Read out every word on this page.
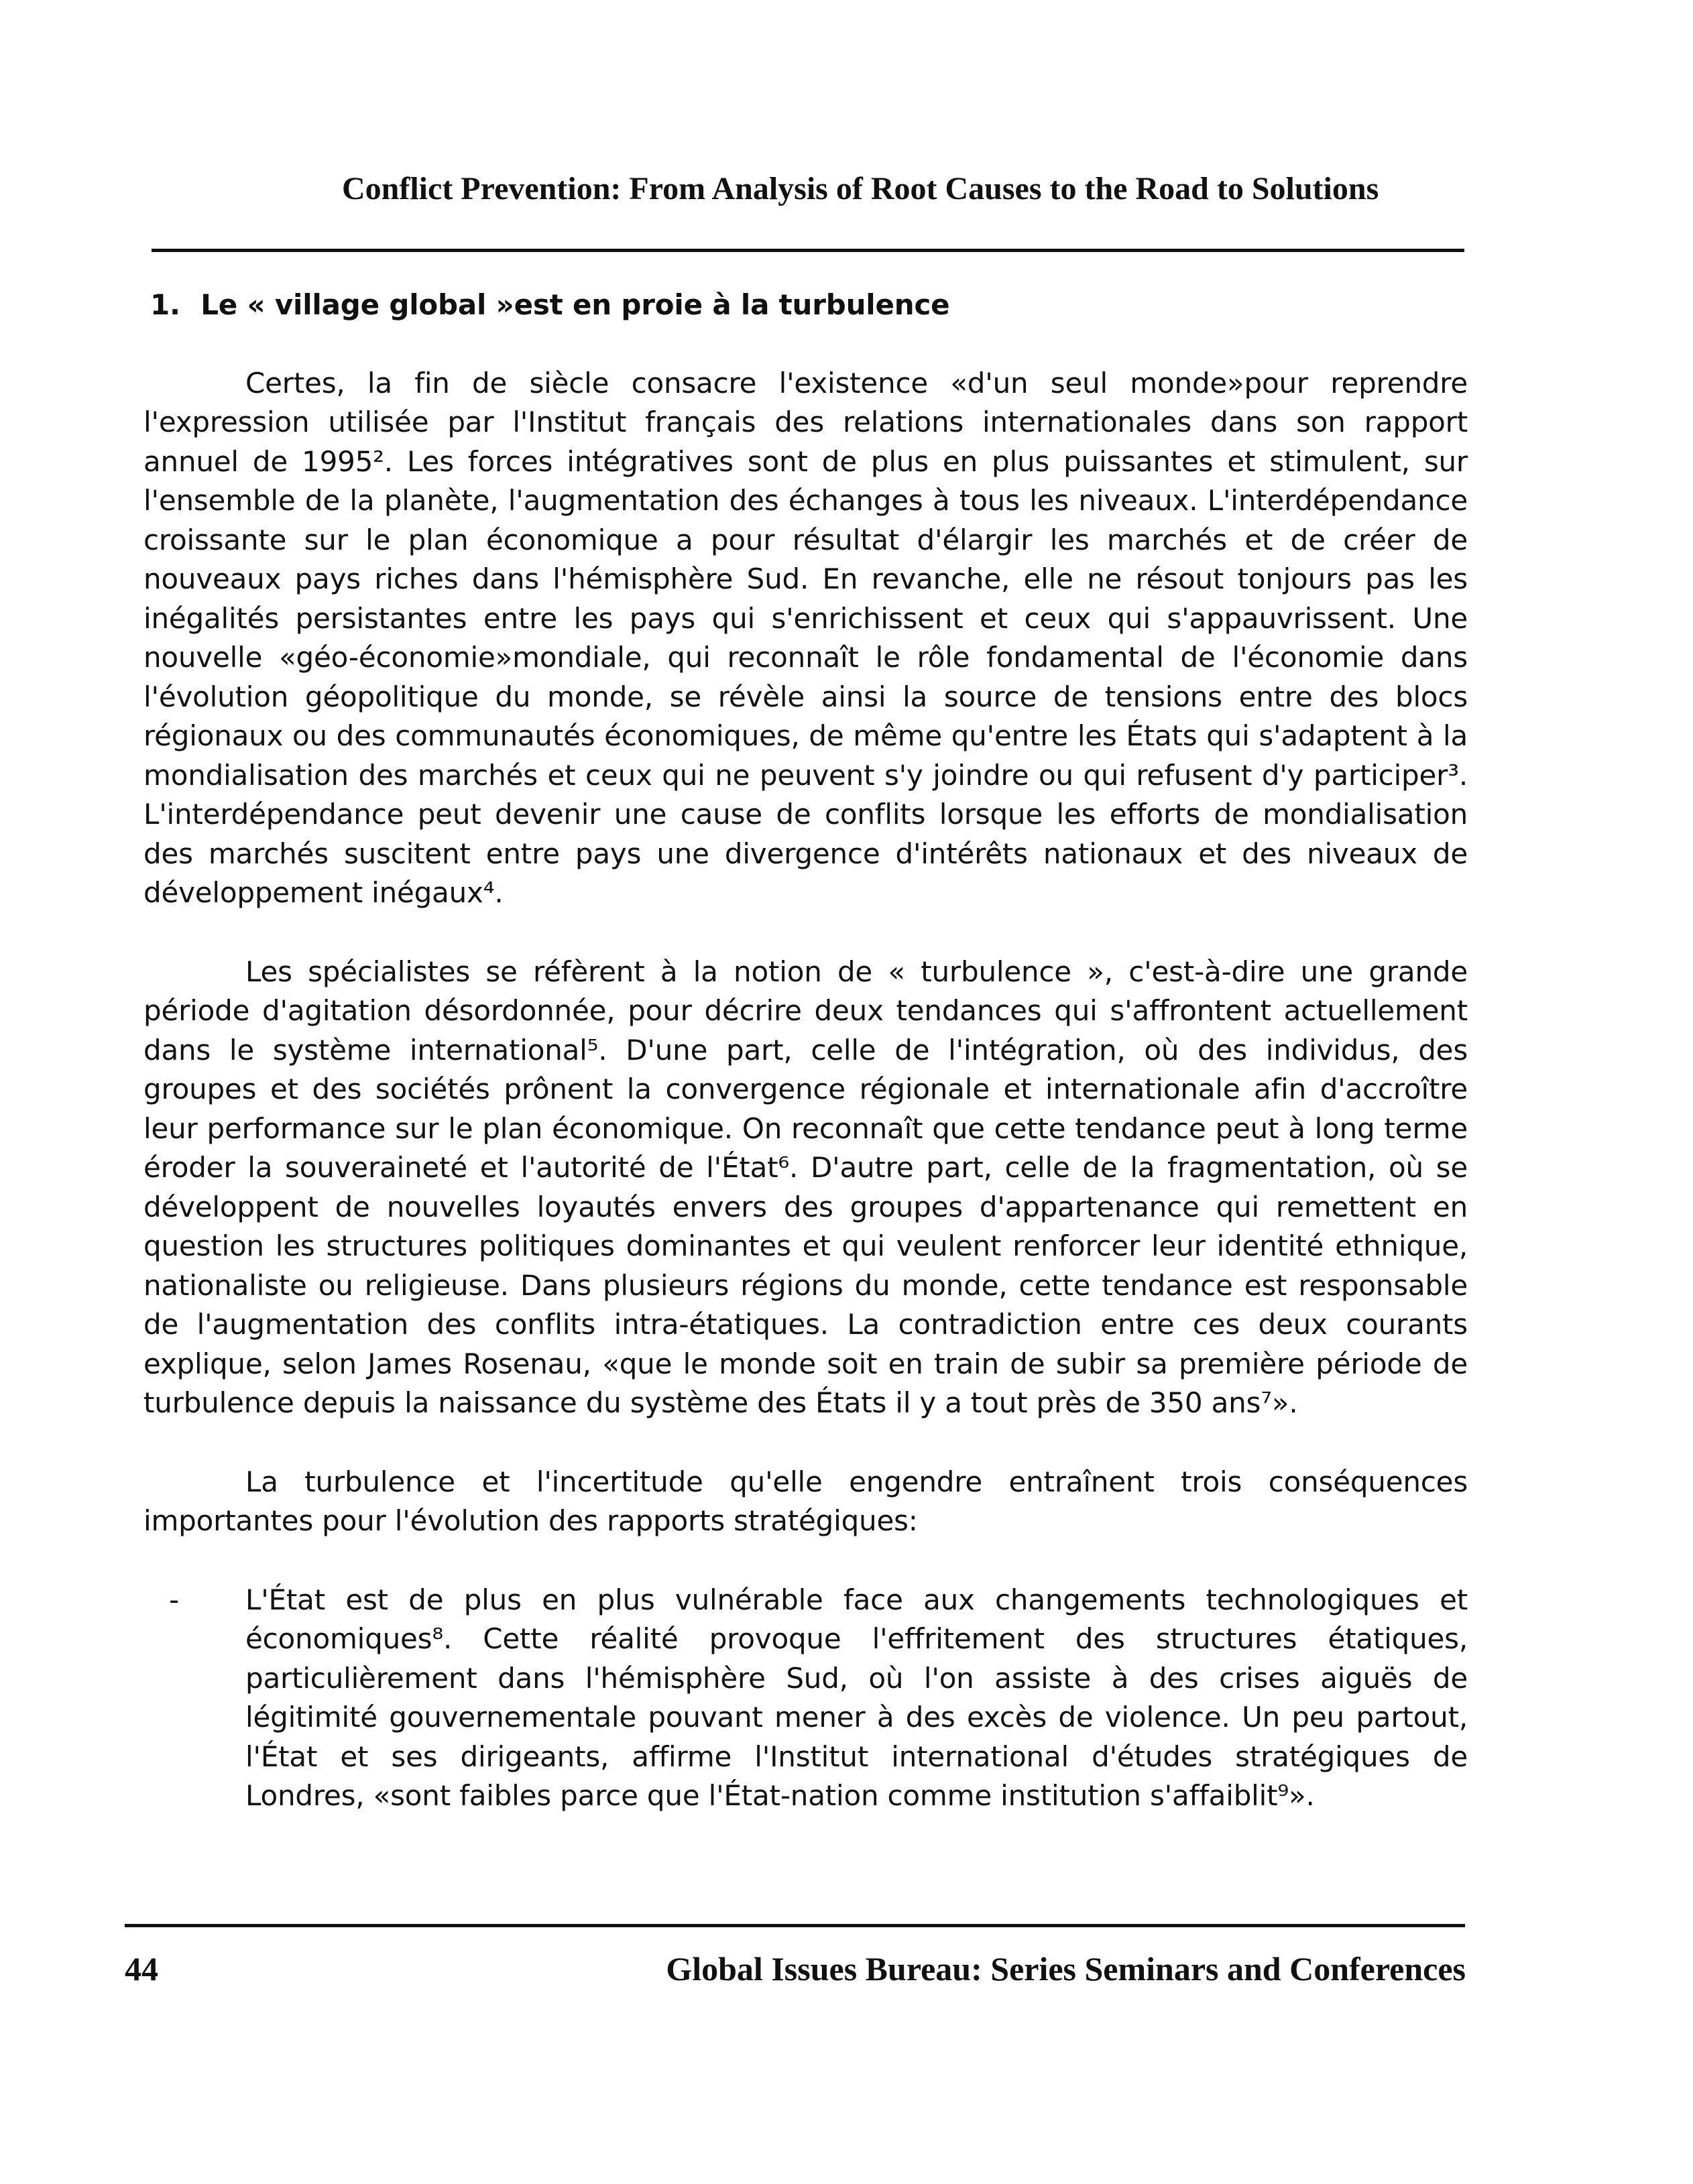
Conflict Prevention: From Analysis of Root Causes to the Road to Solutions
1. Le « village global »est en proie à la turbulence

Certes, la fin de siècle consacre l'existence «d'un seul monde»pour reprendre l'expression utilisée par l'Institut français des relations internationales dans son rapport annuel de 1995². Les forces intégratives sont de plus en plus puissantes et stimulent, sur l'ensemble de la planète, l'augmentation des échanges à tous les niveaux. L'interdépendance croissante sur le plan économique a pour résultat d'élargir les marchés et de créer de nouveaux pays riches dans l'hémisphère Sud. En revanche, elle ne résout tonjours pas les inégalités persistantes entre les pays qui s'enrichissent et ceux qui s'appauvrissent. Une nouvelle «géo-économie»mondiale, qui reconnaît le rôle fondamental de l'économie dans l'évolution géopolitique du monde, se révèle ainsi la source de tensions entre des blocs régionaux ou des communautés économiques, de même qu'entre les États qui s'adaptent à la mondialisation des marchés et ceux qui ne peuvent s'y joindre ou qui refusent d'y participer³. L'interdépendance peut devenir une cause de conflits lorsque les efforts de mondialisation des marchés suscitent entre pays une divergence d'intérêts nationaux et des niveaux de développement inégaux⁴.

Les spécialistes se réfèrent à la notion de « turbulence », c'est-à-dire une grande période d'agitation désordonnée, pour décrire deux tendances qui s'affrontent actuellement dans le système international⁵. D'une part, celle de l'intégration, où des individus, des groupes et des sociétés prônent la convergence régionale et internationale afin d'accroître leur performance sur le plan économique. On reconnaît que cette tendance peut à long terme éroder la souveraineté et l'autorité de l'État⁶. D'autre part, celle de la fragmentation, où se développent de nouvelles loyautés envers des groupes d'appartenance qui remettent en question les structures politiques dominantes et qui veulent renforcer leur identité ethnique, nationaliste ou religieuse. Dans plusieurs régions du monde, cette tendance est responsable de l'augmentation des conflits intra-étatiques. La contradiction entre ces deux courants explique, selon James Rosenau, «que le monde soit en train de subir sa première période de turbulence depuis la naissance du système des États il y a tout près de 350 ans⁷».

La turbulence et l'incertitude qu'elle engendre entraînent trois conséquences importantes pour l'évolution des rapports stratégiques:

- L'État est de plus en plus vulnérable face aux changements technologiques et économiques⁸. Cette réalité provoque l'effritement des structures étatiques, particulièrement dans l'hémisphère Sud, où l'on assiste à des crises aiguës de légitimité gouvernementale pouvant mener à des excès de violence. Un peu partout, l'État et ses dirigeants, affirme l'Institut international d'études stratégiques de Londres, «sont faibles parce que l'État-nation comme institution s'affaiblit⁹».
44	Global Issues Bureau: Series Seminars and Conferences
